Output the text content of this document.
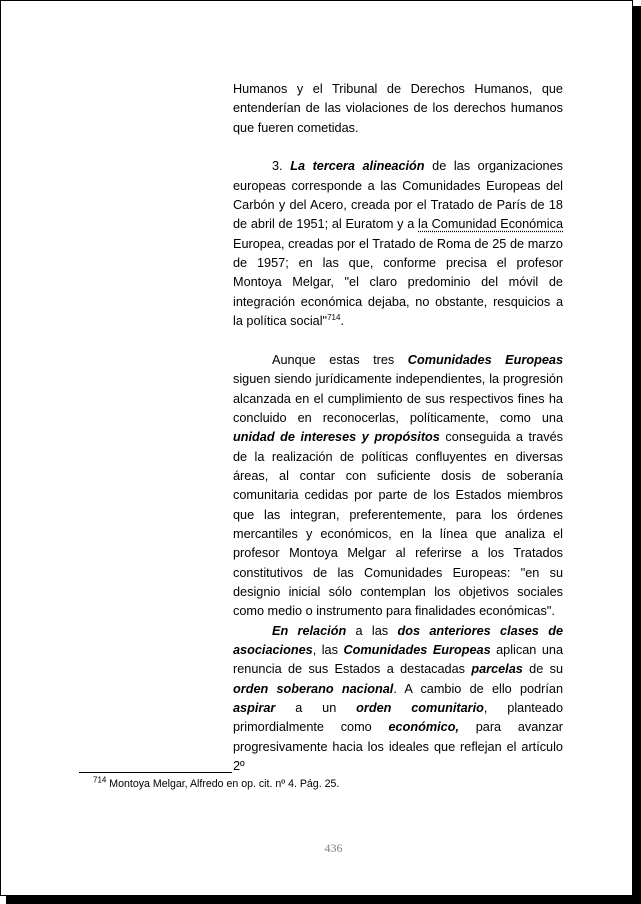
Humanos y el Tribunal de Derechos Humanos, que entenderían de las violaciones de los derechos humanos que fueren cometidas.

3. La tercera alineación de las organizaciones europeas corresponde a las Comunidades Europeas del Carbón y del Acero, creada por el Tratado de París de 18 de abril de 1951; al Euratom y a la Comunidad Económica Europea, creadas por el Tratado de Roma de 25 de marzo de 1957; en las que, conforme precisa el profesor Montoya Melgar, "el claro predominio del móvil de integración económica dejaba, no obstante, resquicios a la política social"$^{714}$.

Aunque estas tres Comunidades Europeas siguen siendo jurídicamente independientes, la progresión alcanzada en el cumplimiento de sus respectivos fines ha concluido en reconocerlas, políticamente, como una unidad de intereses y propósitos conseguida a través de la realización de políticas confluyentes en diversas áreas, al contar con suficiente dosis de soberanía comunitaria cedidas por parte de los Estados miembros que las integran, preferentemente, para los órdenes mercantiles y económicos, en la línea que analiza el profesor Montoya Melgar al referirse a los Tratados constitutivos de las Comunidades Europeas: "en su designio inicial sólo contemplan los objetivos sociales como medio o instrumento para finalidades económicas".

En relación a las dos anteriores clases de asociaciones, las Comunidades Europeas aplican una renuncia de sus Estados a destacadas parcelas de su orden soberano nacional. A cambio de ello podrían aspirar a un orden comunitario, planteado primordialmente como económico, para avanzar progresivamente hacia los ideales que reflejan el artículo 2º

$^{714}$ Montoya Melgar, Alfredo en op. cit. nº 4. Pág. 25.
436
